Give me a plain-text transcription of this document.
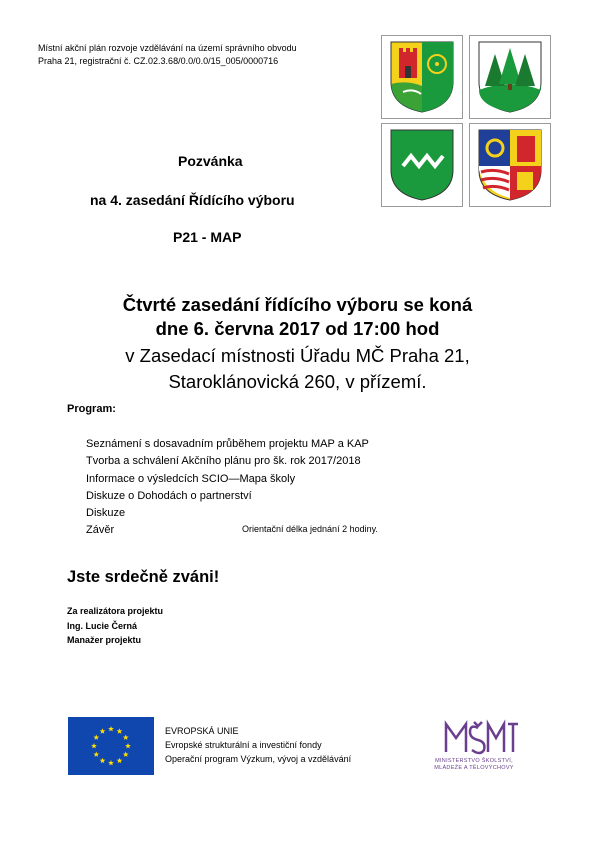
Místní akční plán rozvoje vzdělávání na území správního obvodu
Praha 21, registrační č. CZ.02.3.68/0.0/0.0/15_005/0000716
Pozvánka
na 4. zasedání Řídícího výboru
P21 - MAP
Čtvrté zasedání řídícího výboru se koná
dne 6. června 2017 od 17:00 hod
v Zasedací místnosti Úřadu MČ Praha 21,
Staroklánovická 260, v přízemí.
Program:
Seznámení s dosavadním průběhem projektu MAP a KAP
Tvorba a schválení Akčního plánu pro šk. rok 2017/2018
Informace o výsledcích SCIO—Mapa školy
Diskuze o Dohodách o partnerství
Diskuze
Závěr	Orientační délka jednání 2 hodiny.
Jste srdečně zváni!
Za realizátora projektu
Ing. Lucie Černá
Manažer projektu
EVROPSKÁ UNIE
Evropské strukturální a investiční fondy
Operační program Výzkum, vývoj a vzdělávání	MINISTERSTVO ŠKOLSTVÍ,
MLÁDEŽE A TĚLOVÝCHOVY
